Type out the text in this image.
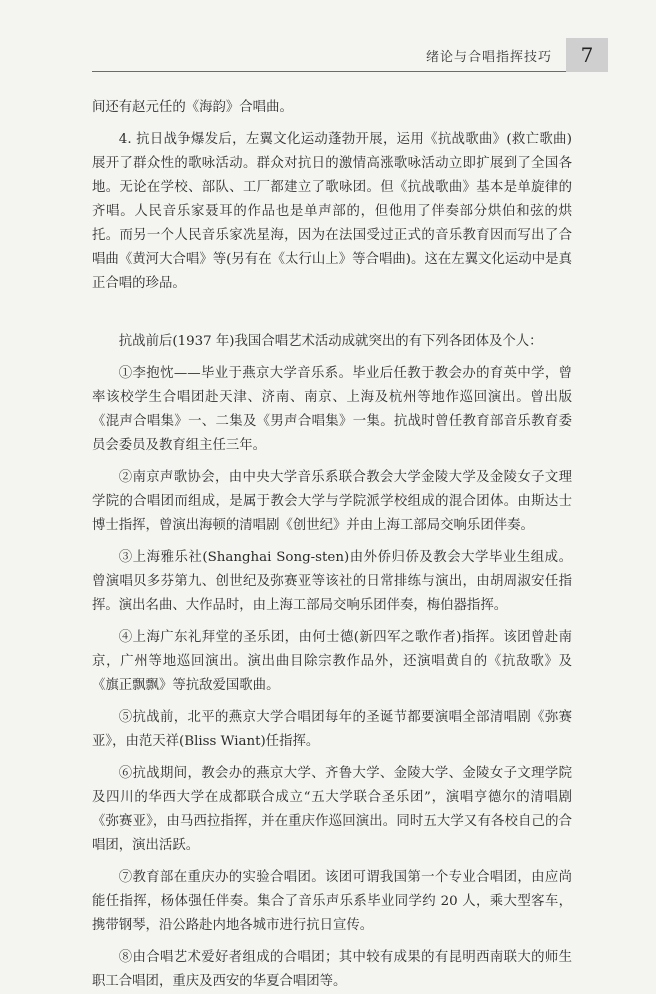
绪论与合唱指挥技巧	7

间还有赵元任的《海韵》合唱曲。

4. 抗日战争爆发后，左翼文化运动蓬勃开展，运用《抗战歌曲》(救亡歌曲)展开了群众性的歌咏活动。群众对抗日的激情高涨歌咏活动立即扩展到了全国各地。无论在学校、部队、工厂都建立了歌咏团。但《抗战歌曲》基本是单旋律的齐唱。人民音乐家聂耳的作品也是单声部的，但他用了伴奏部分烘伯和弦的烘托。而另一个人民音乐家冼星海，因为在法国受过正式的音乐教育因而写出了合唱曲《黄河大合唱》等(另有在《太行山上》等合唱曲)。这在左翼文化运动中是真正合唱的珍品。

抗战前后(1937 年)我国合唱艺术活动成就突出的有下列各团体及个人：

①李抱忱——毕业于燕京大学音乐系。毕业后任教于教会办的育英中学，曾率该校学生合唱团赴天津、济南、南京、上海及杭州等地作巡回演出。曾出版《混声合唱集》一、二集及《男声合唱集》一集。抗战时曾任教育部音乐教育委员会委员及教育组主任三年。

②南京声歌协会，由中央大学音乐系联合教会大学金陵大学及金陵女子文理学院的合唱团而组成，是属于教会大学与学院派学校组成的混合团体。由斯达士博士指挥，曾演出海顿的清唱剧《创世纪》并由上海工部局交响乐团伴奏。

③上海雅乐社(Shanghai Song-sten)由外侨归侨及教会大学毕业生组成。曾演唱贝多芬第九、创世纪及弥赛亚等该社的日常排练与演出，由胡周淑安任指挥。演出名曲、大作品时，由上海工部局交响乐团伴奏，梅伯器指挥。

④上海广东礼拜堂的圣乐团，由何士德(新四军之歌作者)指挥。该团曾赴南京，广州等地巡回演出。演出曲目除宗教作品外，还演唱黄自的《抗敌歌》及《旗正飘飘》等抗敌爱国歌曲。

⑤抗战前，北平的燕京大学合唱团每年的圣诞节都要演唱全部清唱剧《弥赛亚》，由范天祥(Bliss Wiant)任指挥。

⑥抗战期间，教会办的燕京大学、齐鲁大学、金陵大学、金陵女子文理学院及四川的华西大学在成都联合成立“五大学联合圣乐团”，演唱亨德尔的清唱剧《弥赛亚》，由马西拉指挥，并在重庆作巡回演出。同时五大学又有各校自己的合唱团，演出活跃。

⑦教育部在重庆办的实验合唱团。该团可谓我国第一个专业合唱团，由应尚能任指挥，杨体强任伴奏。集合了音乐声乐系毕业同学约 20 人，乘大型客车，携带钢琴，沿公路赴内地各城市进行抗日宣传。

⑧由合唱艺术爱好者组成的合唱团；其中较有成果的有昆明西南联大的师生职工合唱团，重庆及西安的华夏合唱团等。
